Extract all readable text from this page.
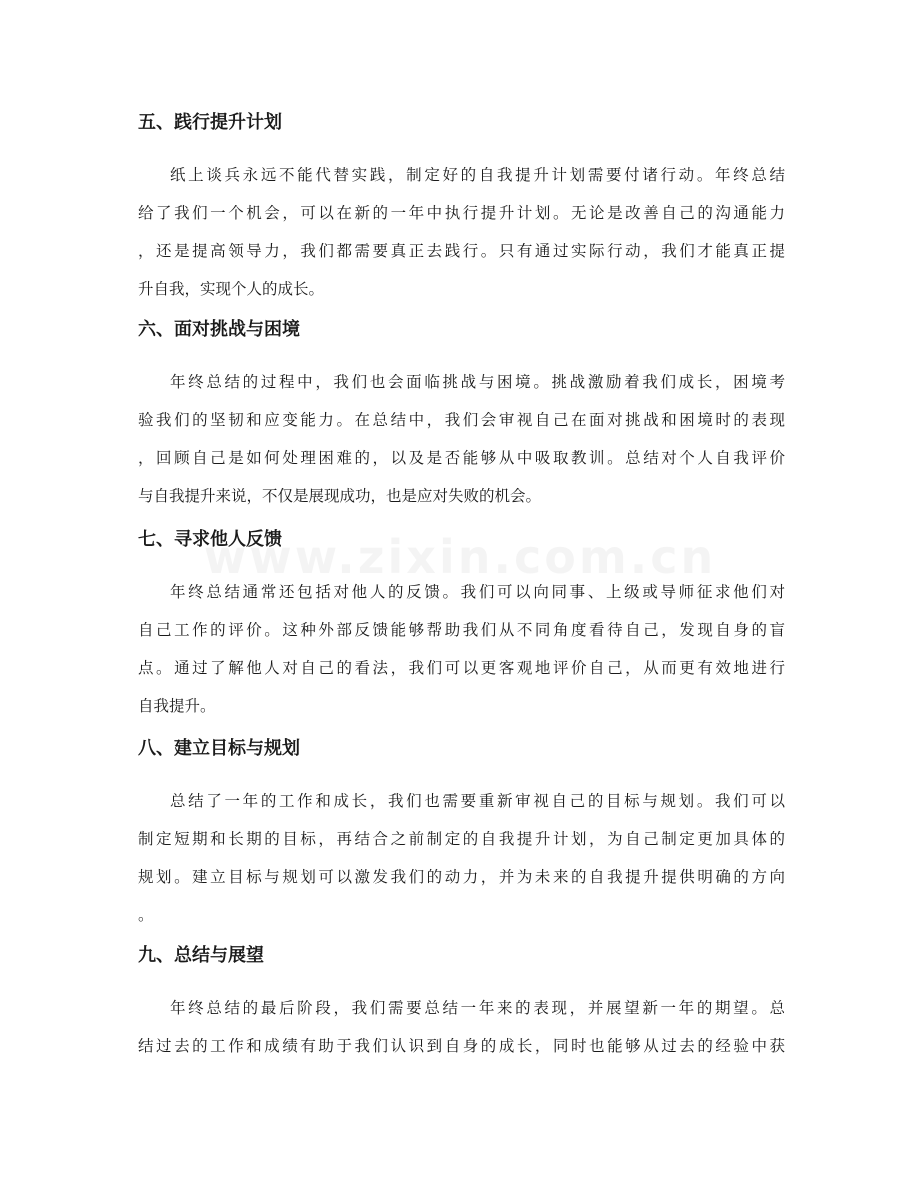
五、践行提升计划
纸上谈兵永远不能代替实践，制定好的自我提升计划需要付诸行动。年终总结
给了我们一个机会，可以在新的一年中执行提升计划。无论是改善自己的沟通能力
，还是提高领导力，我们都需要真正去践行。只有通过实际行动，我们才能真正提
升自我，实现个人的成长。
六、面对挑战与困境
年终总结的过程中，我们也会面临挑战与困境。挑战激励着我们成长，困境考
验我们的坚韧和应变能力。在总结中，我们会审视自己在面对挑战和困境时的表现
，回顾自己是如何处理困难的，以及是否能够从中吸取教训。总结对个人自我评价
与自我提升来说，不仅是展现成功，也是应对失败的机会。
七、寻求他人反馈
年终总结通常还包括对他人的反馈。我们可以向同事、上级或导师征求他们对
自己工作的评价。这种外部反馈能够帮助我们从不同角度看待自己，发现自身的盲
点。通过了解他人对自己的看法，我们可以更客观地评价自己，从而更有效地进行
自我提升。
八、建立目标与规划
总结了一年的工作和成长，我们也需要重新审视自己的目标与规划。我们可以
制定短期和长期的目标，再结合之前制定的自我提升计划，为自己制定更加具体的
规划。建立目标与规划可以激发我们的动力，并为未来的自我提升提供明确的方向
。
九、总结与展望
年终总结的最后阶段，我们需要总结一年来的表现，并展望新一年的期望。总
结过去的工作和成绩有助于我们认识到自身的成长，同时也能够从过去的经验中获
